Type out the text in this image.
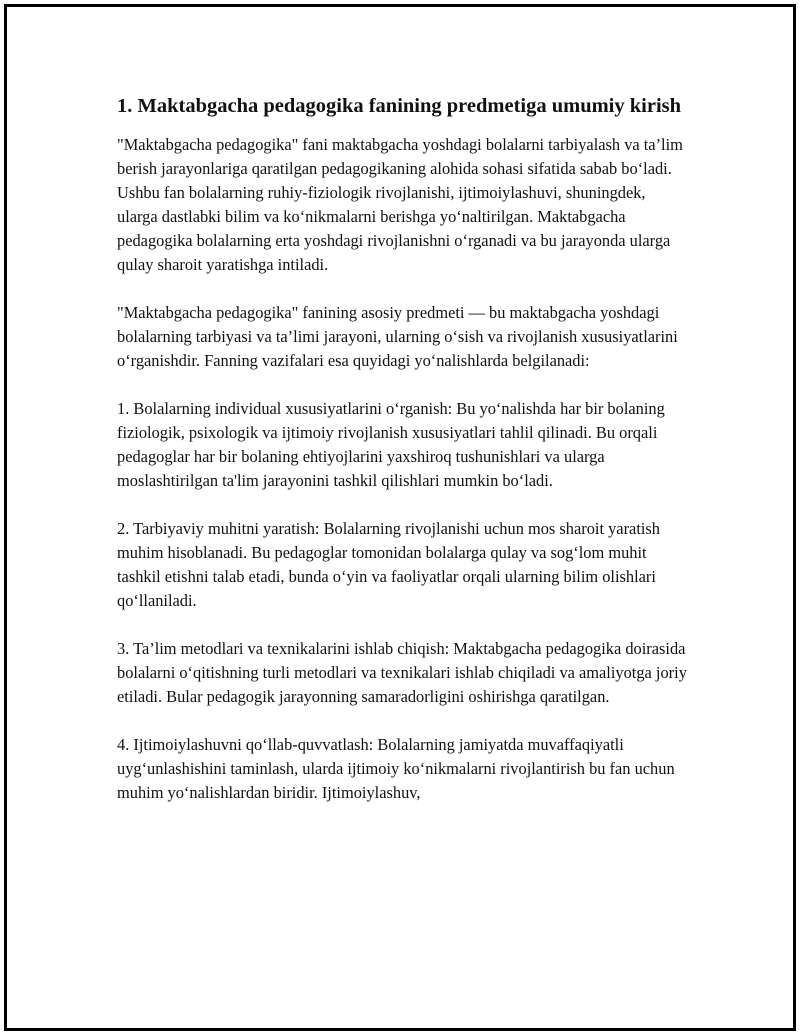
1. Maktabgacha pedagogika fanining predmetiga umumiy kirish

"Maktabgacha pedagogika" fani maktabgacha yoshdagi bolalarni tarbiyalash va ta’lim berish jarayonlariga qaratilgan pedagogikaning alohida sohasi sifatida sabab bo‘ladi. Ushbu fan bolalarning ruhiy-fiziologik rivojlanishi, ijtimoiylashuvi, shuningdek, ularga dastlabki bilim va ko‘nikmalarni berishga yo‘naltirilgan. Maktabgacha pedagogika bolalarning erta yoshdagi rivojlanishni o‘rganadi va bu jarayonda ularga qulay sharoit yaratishga intiladi.

"Maktabgacha pedagogika" fanining asosiy predmeti — bu maktabgacha yoshdagi bolalarning tarbiyasi va ta’limi jarayoni, ularning o‘sish va rivojlanish xususiyatlarini o‘rganishdir. Fanning vazifalari esa quyidagi yo‘nalishlarda belgilanadi:

1. Bolalarning individual xususiyatlarini o‘rganish: Bu yo‘nalishda har bir bolaning fiziologik, psixologik va ijtimoiy rivojlanish xususiyatlari tahlil qilinadi. Bu orqali pedagoglar har bir bolaning ehtiyojlarini yaxshiroq tushunishlari va ularga moslashtirilgan ta'lim jarayonini tashkil qilishlari mumkin bo‘ladi.

2. Tarbiyaviy muhitni yaratish: Bolalarning rivojlanishi uchun mos sharoit yaratish muhim hisoblanadi. Bu pedagoglar tomonidan bolalarga qulay va sog‘lom muhit tashkil etishni talab etadi, bunda o‘yin va faoliyatlar orqali ularning bilim olishlari qo‘llaniladi.

3. Ta’lim metodlari va texnikalarini ishlab chiqish: Maktabgacha pedagogika doirasida bolalarni o‘qitishning turli metodlari va texnikalari ishlab chiqiladi va amaliyotga joriy etiladi. Bular pedagogik jarayonning samaradorligini oshirishga qaratilgan.

4. Ijtimoiylashuvni qo‘llab-quvvatlash: Bolalarning jamiyatda muvaffaqiyatli uyg‘unlashishini taminlash, ularda ijtimoiy ko‘nikmalarni rivojlantirish bu fan uchun muhim yo‘nalishlardan biridir. Ijtimoiylashuv,
